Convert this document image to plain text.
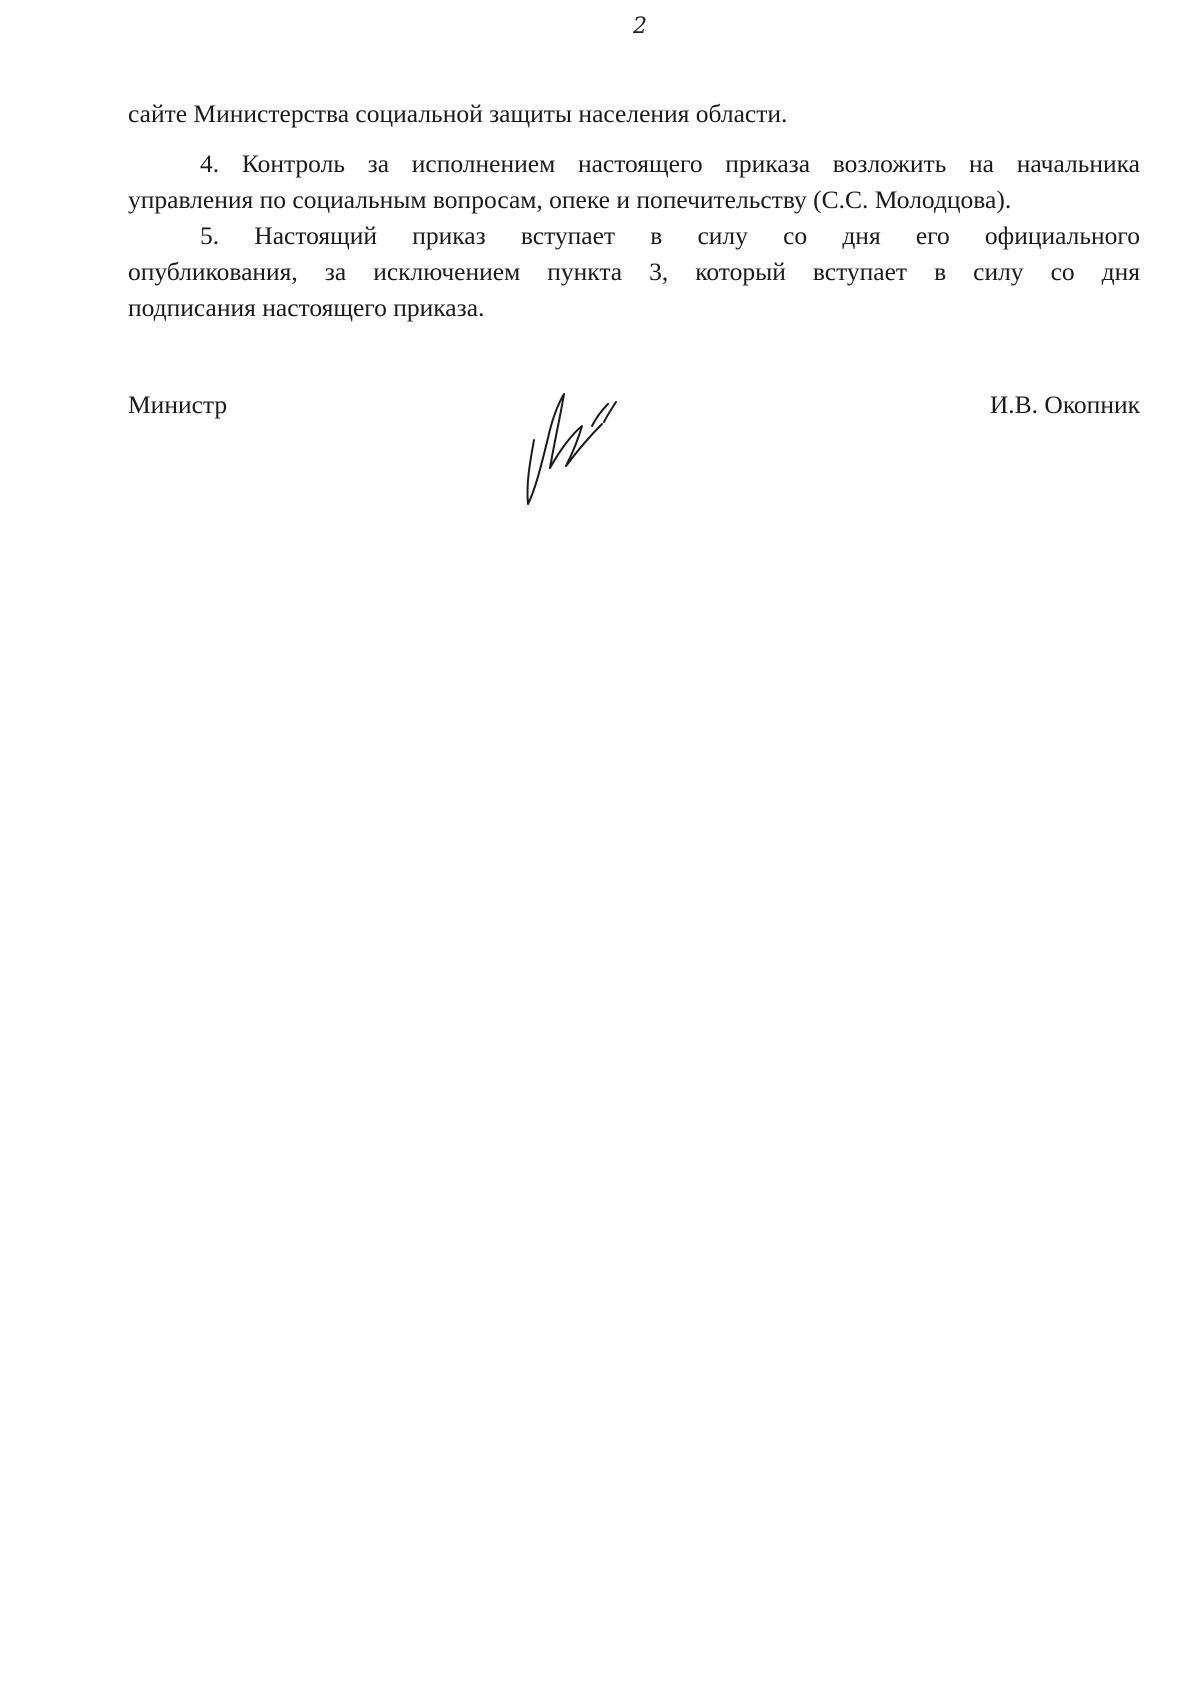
2

сайте Министерства социальной защиты населения области.

4. Контроль за исполнением настоящего приказа возложить на начальника

управления по социальным вопросам, опеке и попечительству (С.С. Молодцова).

5. Настоящий приказ вступает в силу со дня его официального

опубликования, за исключением пункта 3, который вступает в силу со дня

подписания настоящего приказа.

Министр	И.В. Окопник
